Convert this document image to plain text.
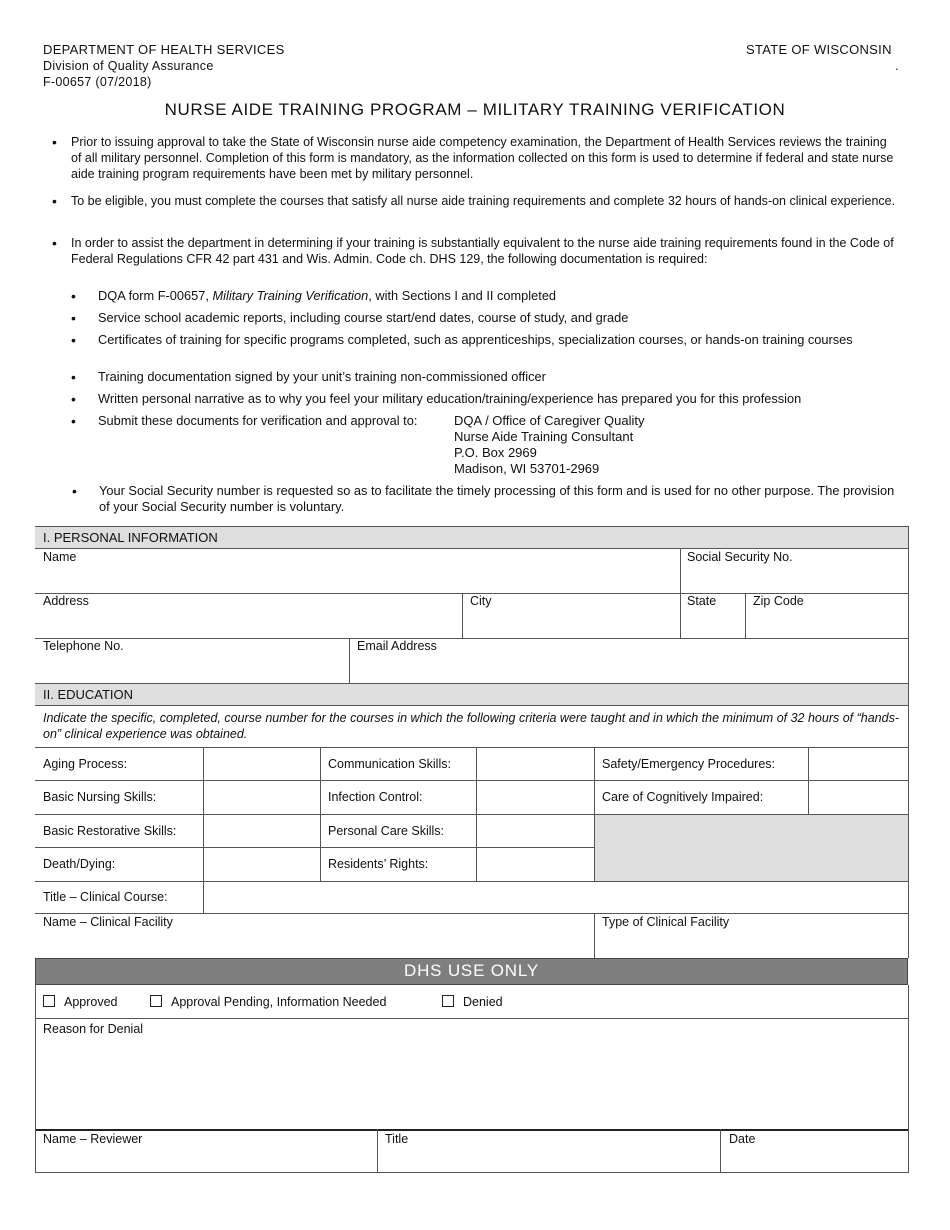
DEPARTMENT OF HEALTH SERVICES
Division of Quality Assurance
F-00657 (07/2018)
STATE OF WISCONSIN
.
NURSE AIDE TRAINING PROGRAM – MILITARY TRAINING VERIFICATION
• Prior to issuing approval to take the State of Wisconsin nurse aide competency examination, the Department of Health Services reviews the training of all military personnel. Completion of this form is mandatory, as the information collected on this form is used to determine if federal and state nurse aide training program requirements have been met by military personnel.
• To be eligible, you must complete the courses that satisfy all nurse aide training requirements and complete 32 hours of hands-on clinical experience.
• In order to assist the department in determining if your training is substantially equivalent to the nurse aide training requirements found in the Code of Federal Regulations CFR 42 part 431 and Wis. Admin. Code ch. DHS 129, the following documentation is required:
• DQA form F-00657, Military Training Verification, with Sections I and II completed
• Service school academic reports, including course start/end dates, course of study, and grade
• Certificates of training for specific programs completed, such as apprenticeships, specialization courses, or hands-on training courses
• Training documentation signed by your unit’s training non-commissioned officer
• Written personal narrative as to why you feel your military education/training/experience has prepared you for this profession
• Submit these documents for verification and approval to:	DQA / Office of Caregiver Quality
Nurse Aide Training Consultant
P.O. Box 2969
Madison, WI 53701-2969
• Your Social Security number is requested so as to facilitate the timely processing of this form and is used for no other purpose. The provision of your Social Security number is voluntary.
I. PERSONAL INFORMATION
Name	Social Security No.
Address	City	State	Zip Code
Telephone No.	Email Address
II. EDUCATION
Indicate the specific, completed, course number for the courses in which the following criteria were taught and in which the minimum of 32 hours of “hands-on” clinical experience was obtained.
Aging Process:	Communication Skills:	Safety/Emergency Procedures:
Basic Nursing Skills:	Infection Control:	Care of Cognitively Impaired:
Basic Restorative Skills:	Personal Care Skills:
Death/Dying:	Residents’ Rights:
Title – Clinical Course:
Name – Clinical Facility	Type of Clinical Facility
DHS USE ONLY
Approved	Approval Pending, Information Needed	Denied
Reason for Denial
Name – Reviewer	Title	Date
